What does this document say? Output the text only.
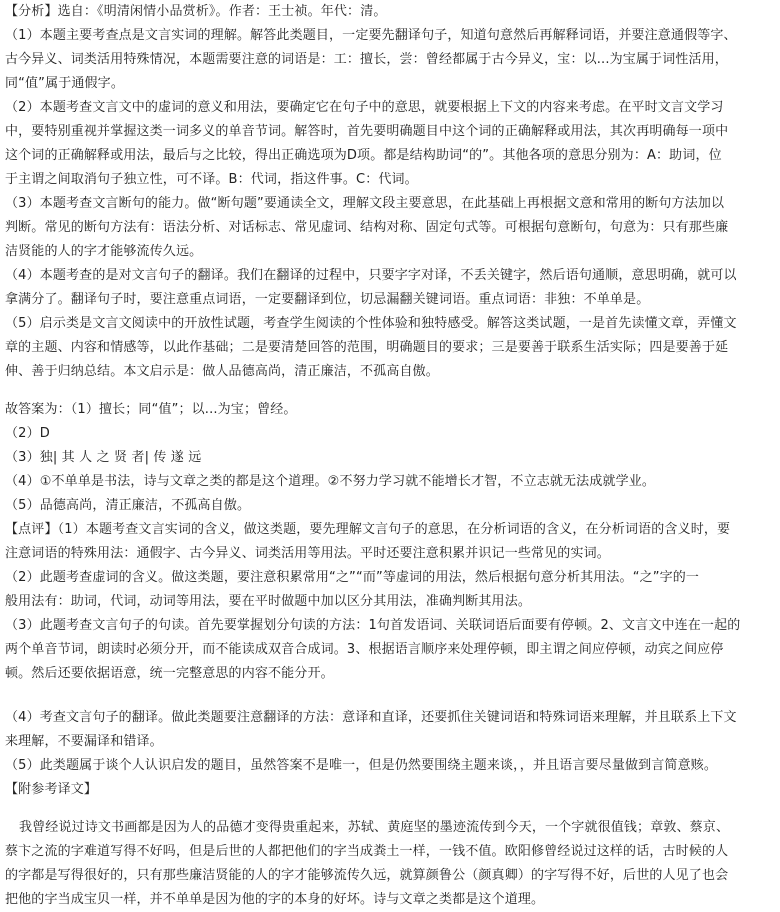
【分析】选自：《明清闲情小品赏析》。作者：王士祯。年代：清。
（1）本题主要考查点是文言实词的理解。解答此类题目，一定要先翻译句子，知道句意然后再解释词语，并要注意通假等字、
古今异义、词类活用特殊情况，本题需要注意的词语是：工：擅长，尝：曾经都属于古今异义，宝：以...为宝属于词性活用，
同“值”属于通假字。
（2）本题考查文言文中的虚词的意义和用法，要确定它在句子中的意思，就要根据上下文的内容来考虑。在平时文言文学习
中，要特别重视并掌握这类一词多义的单音节词。解答时，首先要明确题目中这个词的正确解释或用法，其次再明确每一项中
这个词的正确解释或用法，最后与之比较，得出正确选项为D项。都是结构助词“的”。其他各项的意思分别为：A：助词，位
于主谓之间取消句子独立性，可不译。B：代词，指这件事。C：代词。
（3）本题考查文言断句的能力。做“断句题”要通读全文，理解文段主要意思，在此基础上再根据文意和常用的断句方法加以
判断。常见的断句方法有：语法分析、对话标志、常见虚词、结构对称、固定句式等。可根据句意断句，句意为：只有那些廉
洁贤能的人的字才能够流传久远。
（4）本题考查的是对文言句子的翻译。我们在翻译的过程中，只要字字对译，不丢关键字，然后语句通顺，意思明确，就可以
拿满分了。翻译句子时，要注意重点词语，一定要翻译到位，切忌漏翻关键词语。重点词语：非独：不单单是。
（5）启示类是文言文阅读中的开放性试题，考查学生阅读的个性体验和独特感受。解答这类试题，一是首先读懂文章，弄懂文
章的主题、内容和情感等，以此作基础；二是要清楚回答的范围，明确题目的要求；三是要善于联系生活实际；四是要善于延
伸、善于归纳总结。本文启示是：做人品德高尚，清正廉洁，不孤高自傲。
故答案为：（1）擅长；同“值”；以...为宝；曾经。
（2）D
（3）独| 其 人 之 贤 者| 传 遂 远
（4）①不单单是书法，诗与文章之类的都是这个道理。②不努力学习就不能增长才智，不立志就无法成就学业。
（5）品德高尚，清正廉洁，不孤高自傲。
【点评】（1）本题考查文言实词的含义，做这类题，要先理解文言句子的意思，在分析词语的含义，在分析词语的含义时，要
注意词语的特殊用法：通假字、古今异义、词类活用等用法。平时还要注意积累并识记一些常见的实词。
（2）此题考查虚词的含义。做这类题，要注意积累常用“之”“而”等虚词的用法，然后根据句意分析其用法。“之”字的一
般用法有：助词，代词，动词等用法，要在平时做题中加以区分其用法，准确判断其用法。
（3）此题考查文言句子的句读。首先要掌握划分句读的方法：1句首发语词、关联词语后面要有停顿。2、文言文中连在一起的
两个单音节词，朗读时必须分开，而不能读成双音合成词。3、根据语言顺序来处理停顿，即主谓之间应停顿，动宾之间应停
顿。然后还要依据语意，统一完整意思的内容不能分开。
（4）考查文言句子的翻译。做此类题要注意翻译的方法：意译和直译，还要抓住关键词语和特殊词语来理解，并且联系上下文
来理解，不要漏译和错译。
（5）此类题属于谈个人认识启发的题目，虽然答案不是唯一，但是仍然要围绕主题来谈，，并且语言要尽量做到言简意赅。
【附参考译文】
我曾经说过诗文书画都是因为人的品德才变得贵重起来，苏轼、黄庭坚的墨迹流传到今天，一个字就很值钱；章敦、蔡京、
蔡卞之流的字难道写得不好吗，但是后世的人都把他们的字当成粪土一样，一钱不值。欧阳修曾经说过这样的话，古时候的人
的字都是写得很好的，只有那些廉洁贤能的人的字才能够流传久远，就算颜鲁公（颜真卿）的字写得不好，后世的人见了也会
把他的字当成宝贝一样，并不单单是因为他的字的本身的好坏。诗与文章之类都是这个道理。
